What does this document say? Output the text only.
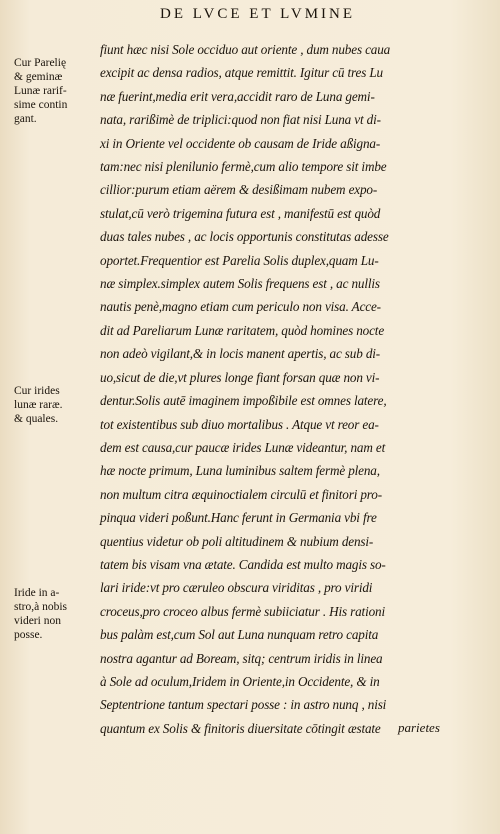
DE LVCE ET LVMINE
Cur Parelię
& geminæ
Lunæ rarif-
sime contin
gant.
Cur irides
lunæ raræ.
& quales.
Iride in a-
stro,à nobis
videri non
posse.
fiunt hæc nisi Sole occiduo aut oriente , dum nubes caua
excipit ac densa radios, atque remittit. Igitur cū tres Lu
næ fuerint,media erit vera,accidit raro de Luna gemi-
nata, rarißimè de triplici:quod non fiat nisi Luna vt di-
xi in Oriente vel occidente ob causam de Iride aßigna-
tam:nec nisi plenilunio fermè,cum alio tempore sit imbe
cillior:purum etiam aërem & desißimam nubem expo-
stulat,cū verò trigemina futura est , manifestū est quòd
duas tales nubes , ac locis opportunis constitutas adesse
oportet.Frequentior est Parelia Solis duplex,quam Lu-
næ simplex.simplex autem Solis frequens est , ac nullis
nautis penè,magno etiam cum periculo non visa. Acce-
dit ad Pareliarum Lunæ raritatem, quòd homines nocte
non adeò vigilant,& in locis manent apertis, ac sub di-
uo,sicut de die,vt plures longe fiant forsan quæ non vi-
dentur.Solis autē imaginem impoßibile est omnes latere,
tot existentibus sub diuo mortalibus . Atque vt reor ea-
dem est causa,cur paucæ irides Lunæ videantur, nam et
hæ nocte primum, Luna luminibus saltem fermè plena,
non multum citra æquinoctialem circulū et finitori pro-
pinqua videri poßunt.Hanc ferunt in Germania vbi fre
quentius videtur ob poli altitudinem & nubium densi-
tatem bis visam vna ætate. Candida est multo magis so-
lari iride:vt pro cæruleo obscura viriditas , pro viridi
croceus,pro croceo albus fermè subiiciatur . His rationi
bus palàm est,cum Sol aut Luna nunquam retro capita
nostra agantur ad Boream, sitq; centrum iridis in linea
à Sole ad oculum,Iridem in Oriente,in Occidente, & in
Septentrione tantum spectari posse : in astro nunq , nisi
quantum ex Solis & finitoris diuersitate cōtingit æstate	parietes
